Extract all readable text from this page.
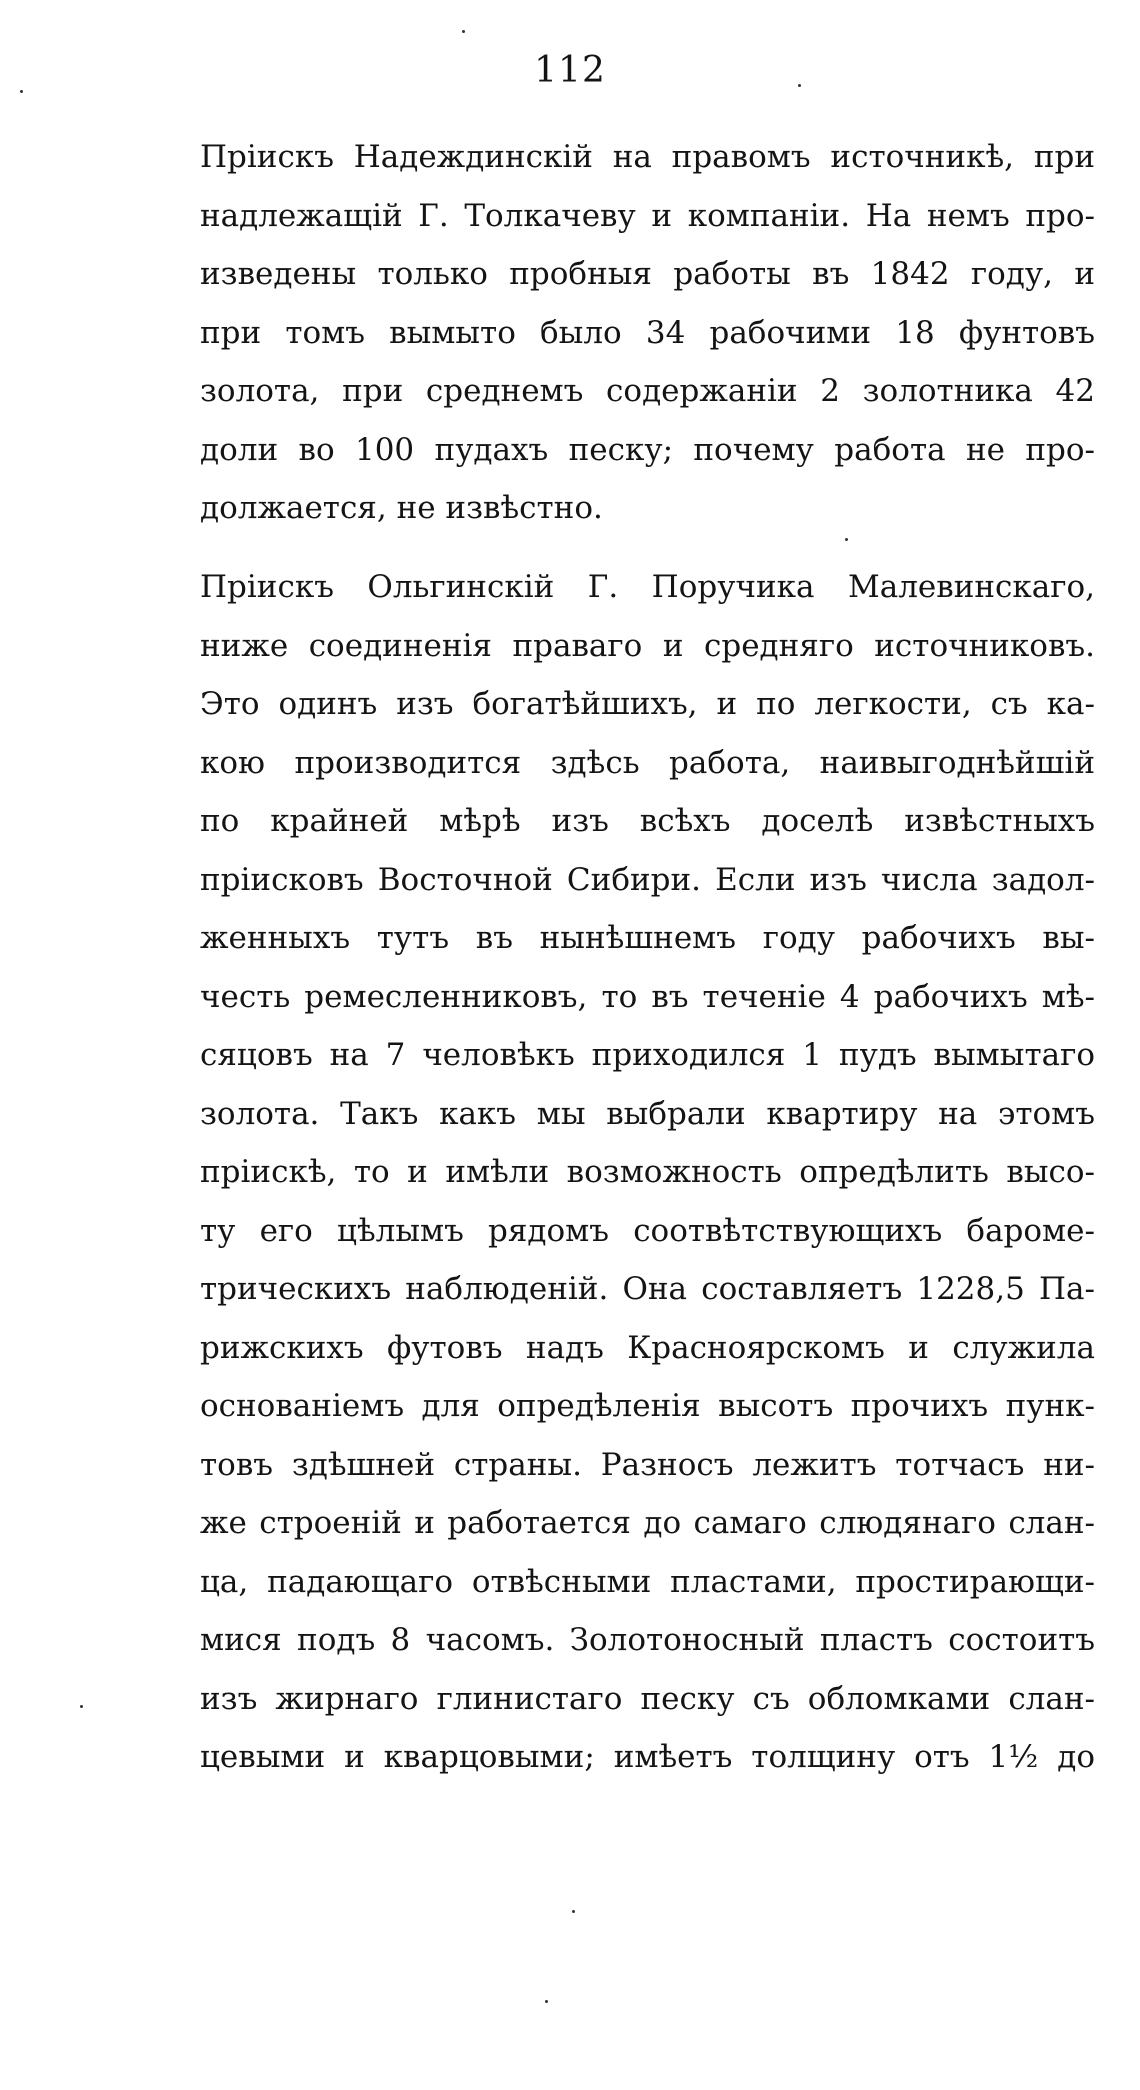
112
Пріискъ Надеждинскій на правомъ источникѣ, при
надлежащій Г. Толкачеву и компаніи. На немъ про-
изведены только пробныя работы въ 1842 году, и
при томъ вымыто было 34 рабочими 18 фунтовъ
золота, при среднемъ содержаніи 2 золотника 42
доли во 100 пудахъ песку; почему работа не про-
должается, не извѣстно.
Пріискъ Ольгинскій Г. Поручика Малевинскаго,
ниже соединенія праваго и средняго источниковъ.
Это одинъ изъ богатѣйшихъ, и по легкости, съ ка-
кою производится здѣсь работа, наивыгоднѣйшій
по крайней мѣрѣ изъ всѣхъ доселѣ извѣстныхъ
пріисковъ Восточной Сибири. Если изъ числа задол-
женныхъ тутъ въ нынѣшнемъ году рабочихъ вы-
честь ремесленниковъ, то въ теченіе 4 рабочихъ мѣ-
сяцовъ на 7 человѣкъ приходился 1 пудъ вымытаго
золота. Такъ какъ мы выбрали квартиру на этомъ
пріискѣ, то и имѣли возможность опредѣлить высо-
ту его цѣлымъ рядомъ соотвѣтствующихъ бароме-
трическихъ наблюденій. Она составляетъ 1228,5 Па-
рижскихъ футовъ надъ Красноярскомъ и служила
основаніемъ для опредѣленія высотъ прочихъ пунк-
товъ здѣшней страны. Разносъ лежитъ тотчасъ ни-
же строеній и работается до самаго слюдянаго слан-
ца, падающаго отвѣсными пластами, простирающи-
мися подъ 8 часомъ. Золотоносный пластъ состоитъ
изъ жирнаго глинистаго песку съ обломками слан-
цевыми и кварцовыми; имѣетъ толщину отъ 1½ до
